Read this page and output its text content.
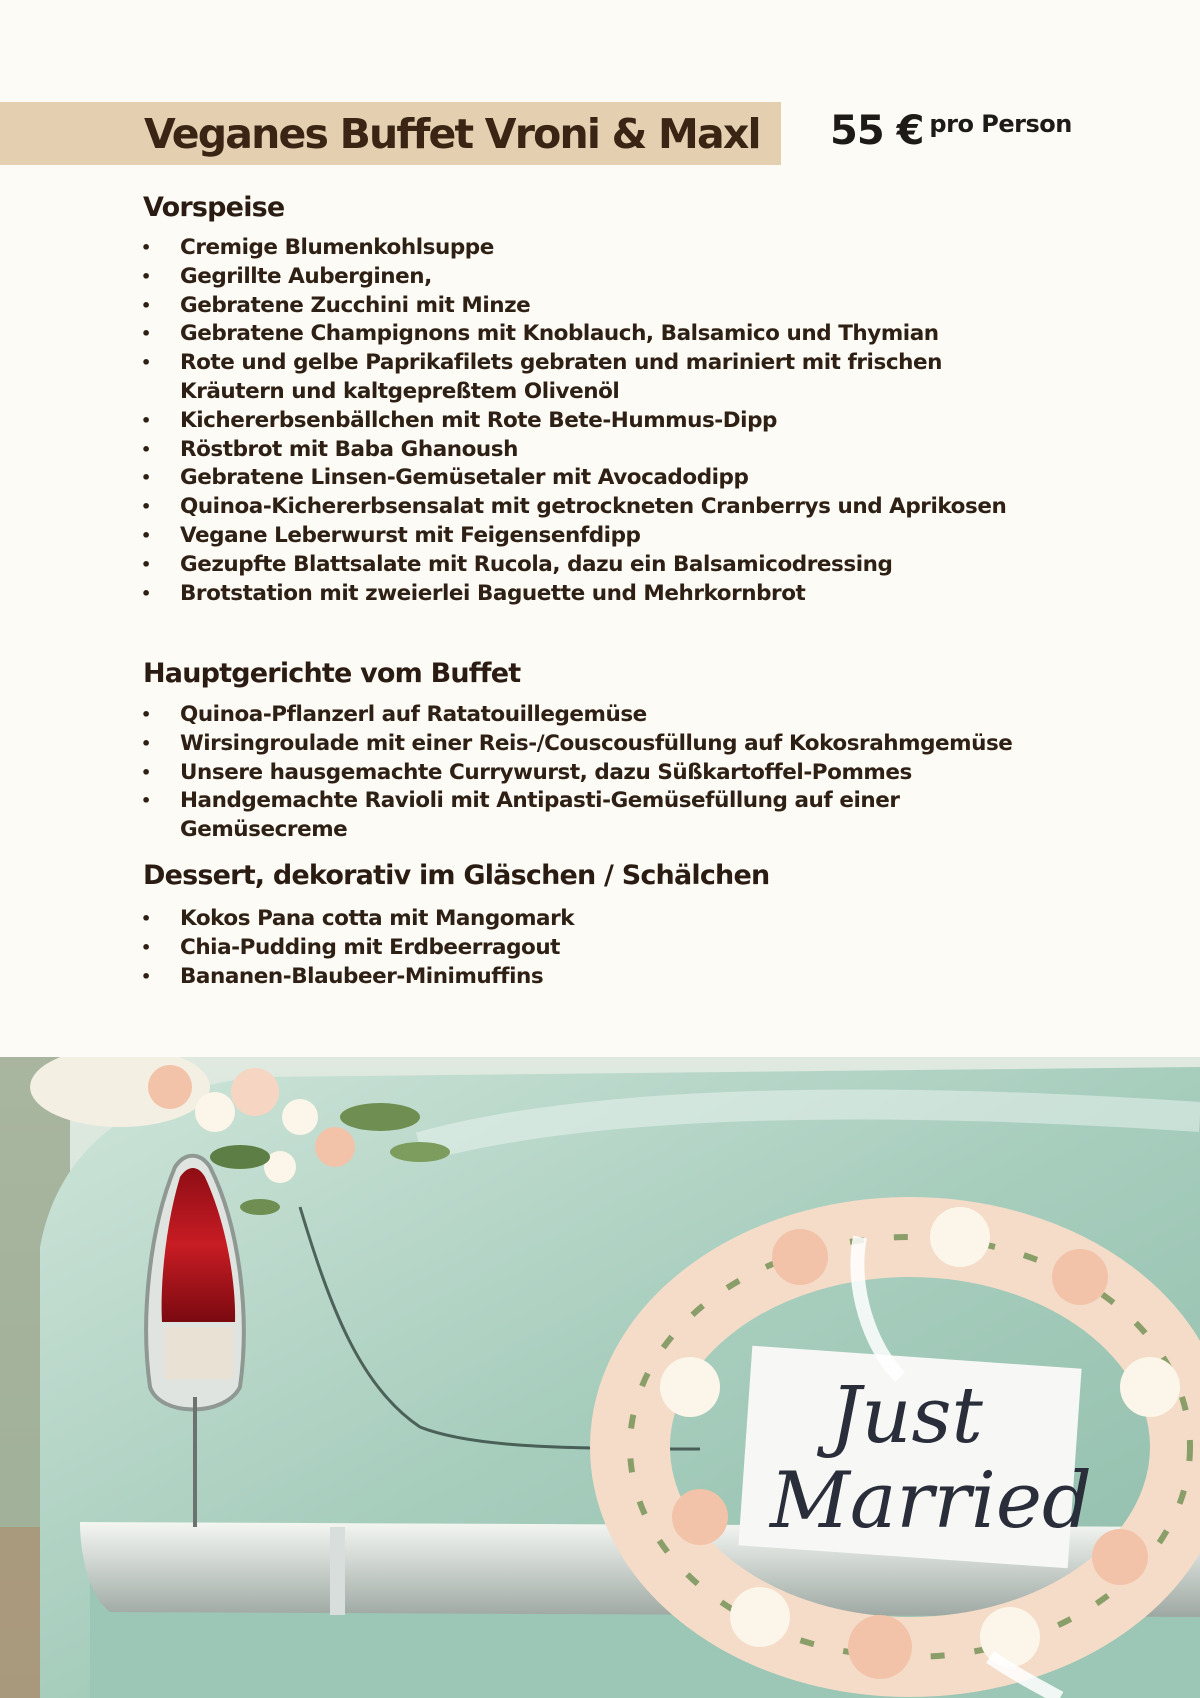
Veganes Buffet Vroni & Maxl 55 € pro Person
Vorspeise
• Cremige Blumenkohlsuppe
• Gegrillte Auberginen,
• Gebratene Zucchini mit Minze
• Gebratene Champignons mit Knoblauch, Balsamico und Thymian
• Rote und gelbe Paprikafilets gebraten und mariniert mit frischen Kräutern und kaltgepreßtem Olivenöl
• Kichererbsenbällchen mit Rote Bete-Hummus-Dipp
• Röstbrot mit Baba Ghanoush
• Gebratene Linsen-Gemüsetaler mit Avocadodipp
• Quinoa-Kichererbsensalat mit getrockneten Cranberrys und Aprikosen
• Vegane Leberwurst mit Feigensenfdipp
• Gezupfte Blattsalate mit Rucola, dazu ein Balsamicodressing
• Brotstation mit zweierlei Baguette und Mehrkornbrot
Hauptgerichte vom Buffet
• Quinoa-Pflanzerl auf Ratatouillegemüse
• Wirsingroulade mit einer Reis-/Couscousfüllung auf Kokosrahmgemüse
• Unsere hausgemachte Currywurst, dazu Süßkartoffel-Pommes
• Handgemachte Ravioli mit Antipasti-Gemüsefüllung auf einer Gemüsecreme
Dessert, dekorativ im Gläschen / Schälchen
• Kokos Pana cotta mit Mangomark
• Chia-Pudding mit Erdbeerragout
• Bananen-Blaubeer-Minimuffins
Just
Married
